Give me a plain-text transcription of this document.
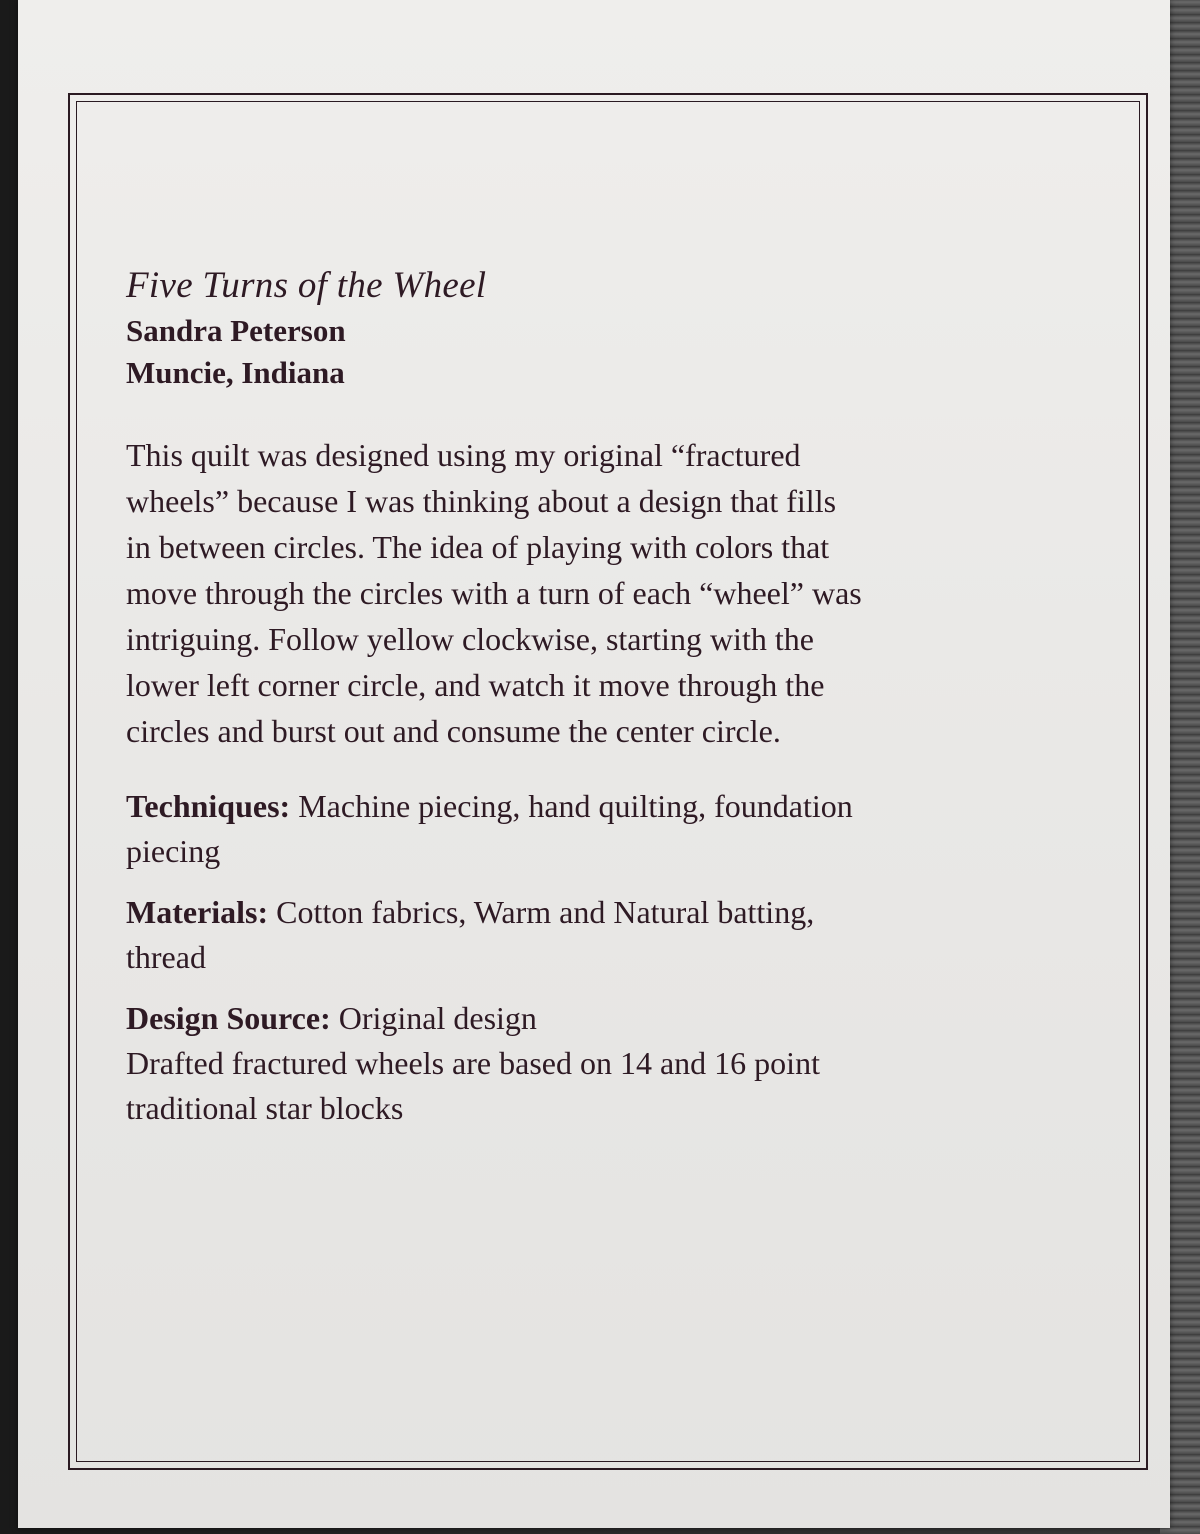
Five Turns of the Wheel

Sandra Peterson

Muncie, Indiana

This quilt was designed using my original “fractured
wheels” because I was thinking about a design that fills
in between circles. The idea of playing with colors that
move through the circles with a turn of each “wheel” was
intriguing. Follow yellow clockwise, starting with the
lower left corner circle, and watch it move through the
circles and burst out and consume the center circle.
Techniques: Machine piecing, hand quilting, foundation
piecing
Materials: Cotton fabrics, Warm and Natural batting,
thread
Design Source: Original design
Drafted fractured wheels are based on 14 and 16 point
traditional star blocks
